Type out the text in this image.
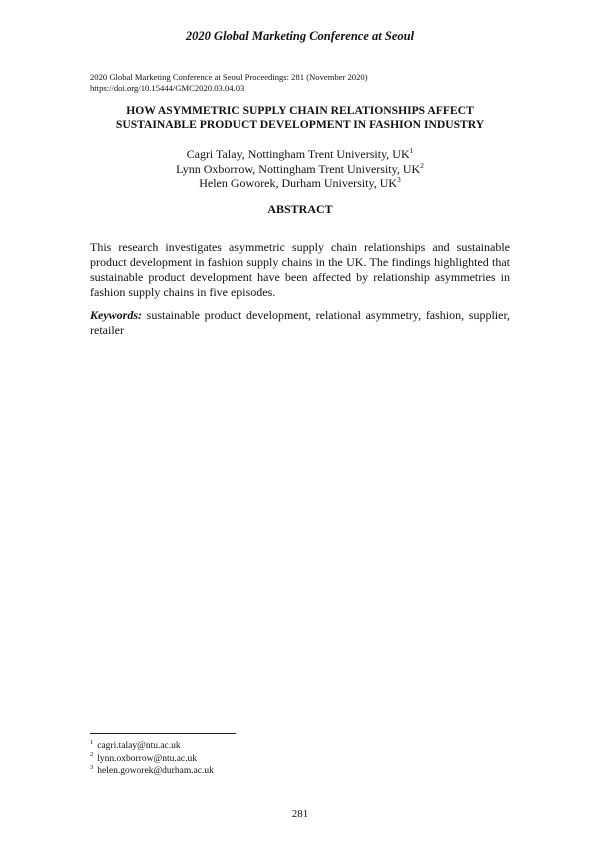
2020 Global Marketing Conference at Seoul
2020 Global Marketing Conference at Seoul Proceedings: 281 (November 2020)
https://doi.org/10.15444/GMC2020.03.04.03
HOW ASYMMETRIC SUPPLY CHAIN RELATIONSHIPS AFFECT
SUSTAINABLE PRODUCT DEVELOPMENT IN FASHION INDUSTRY
Cagri Talay, Nottingham Trent University, $UK^1$
Lynn Oxborrow, Nottingham Trent University, $UK^2$
Helen Goworek, Durham University, $UK^3$
ABSTRACT
This research investigates asymmetric supply chain relationships and sustainable product development in fashion supply chains in the UK. The findings highlighted that sustainable product development have been affected by relationship asymmetries in fashion supply chains in five episodes.
Keywords: sustainable product development, relational asymmetry, fashion, supplier, retailer
$^1$ cagri.talay@ntu.ac.uk
$^2$ lynn.oxborrow@ntu.ac.uk
$^3$ helen.goworek@durham.ac.uk
281
